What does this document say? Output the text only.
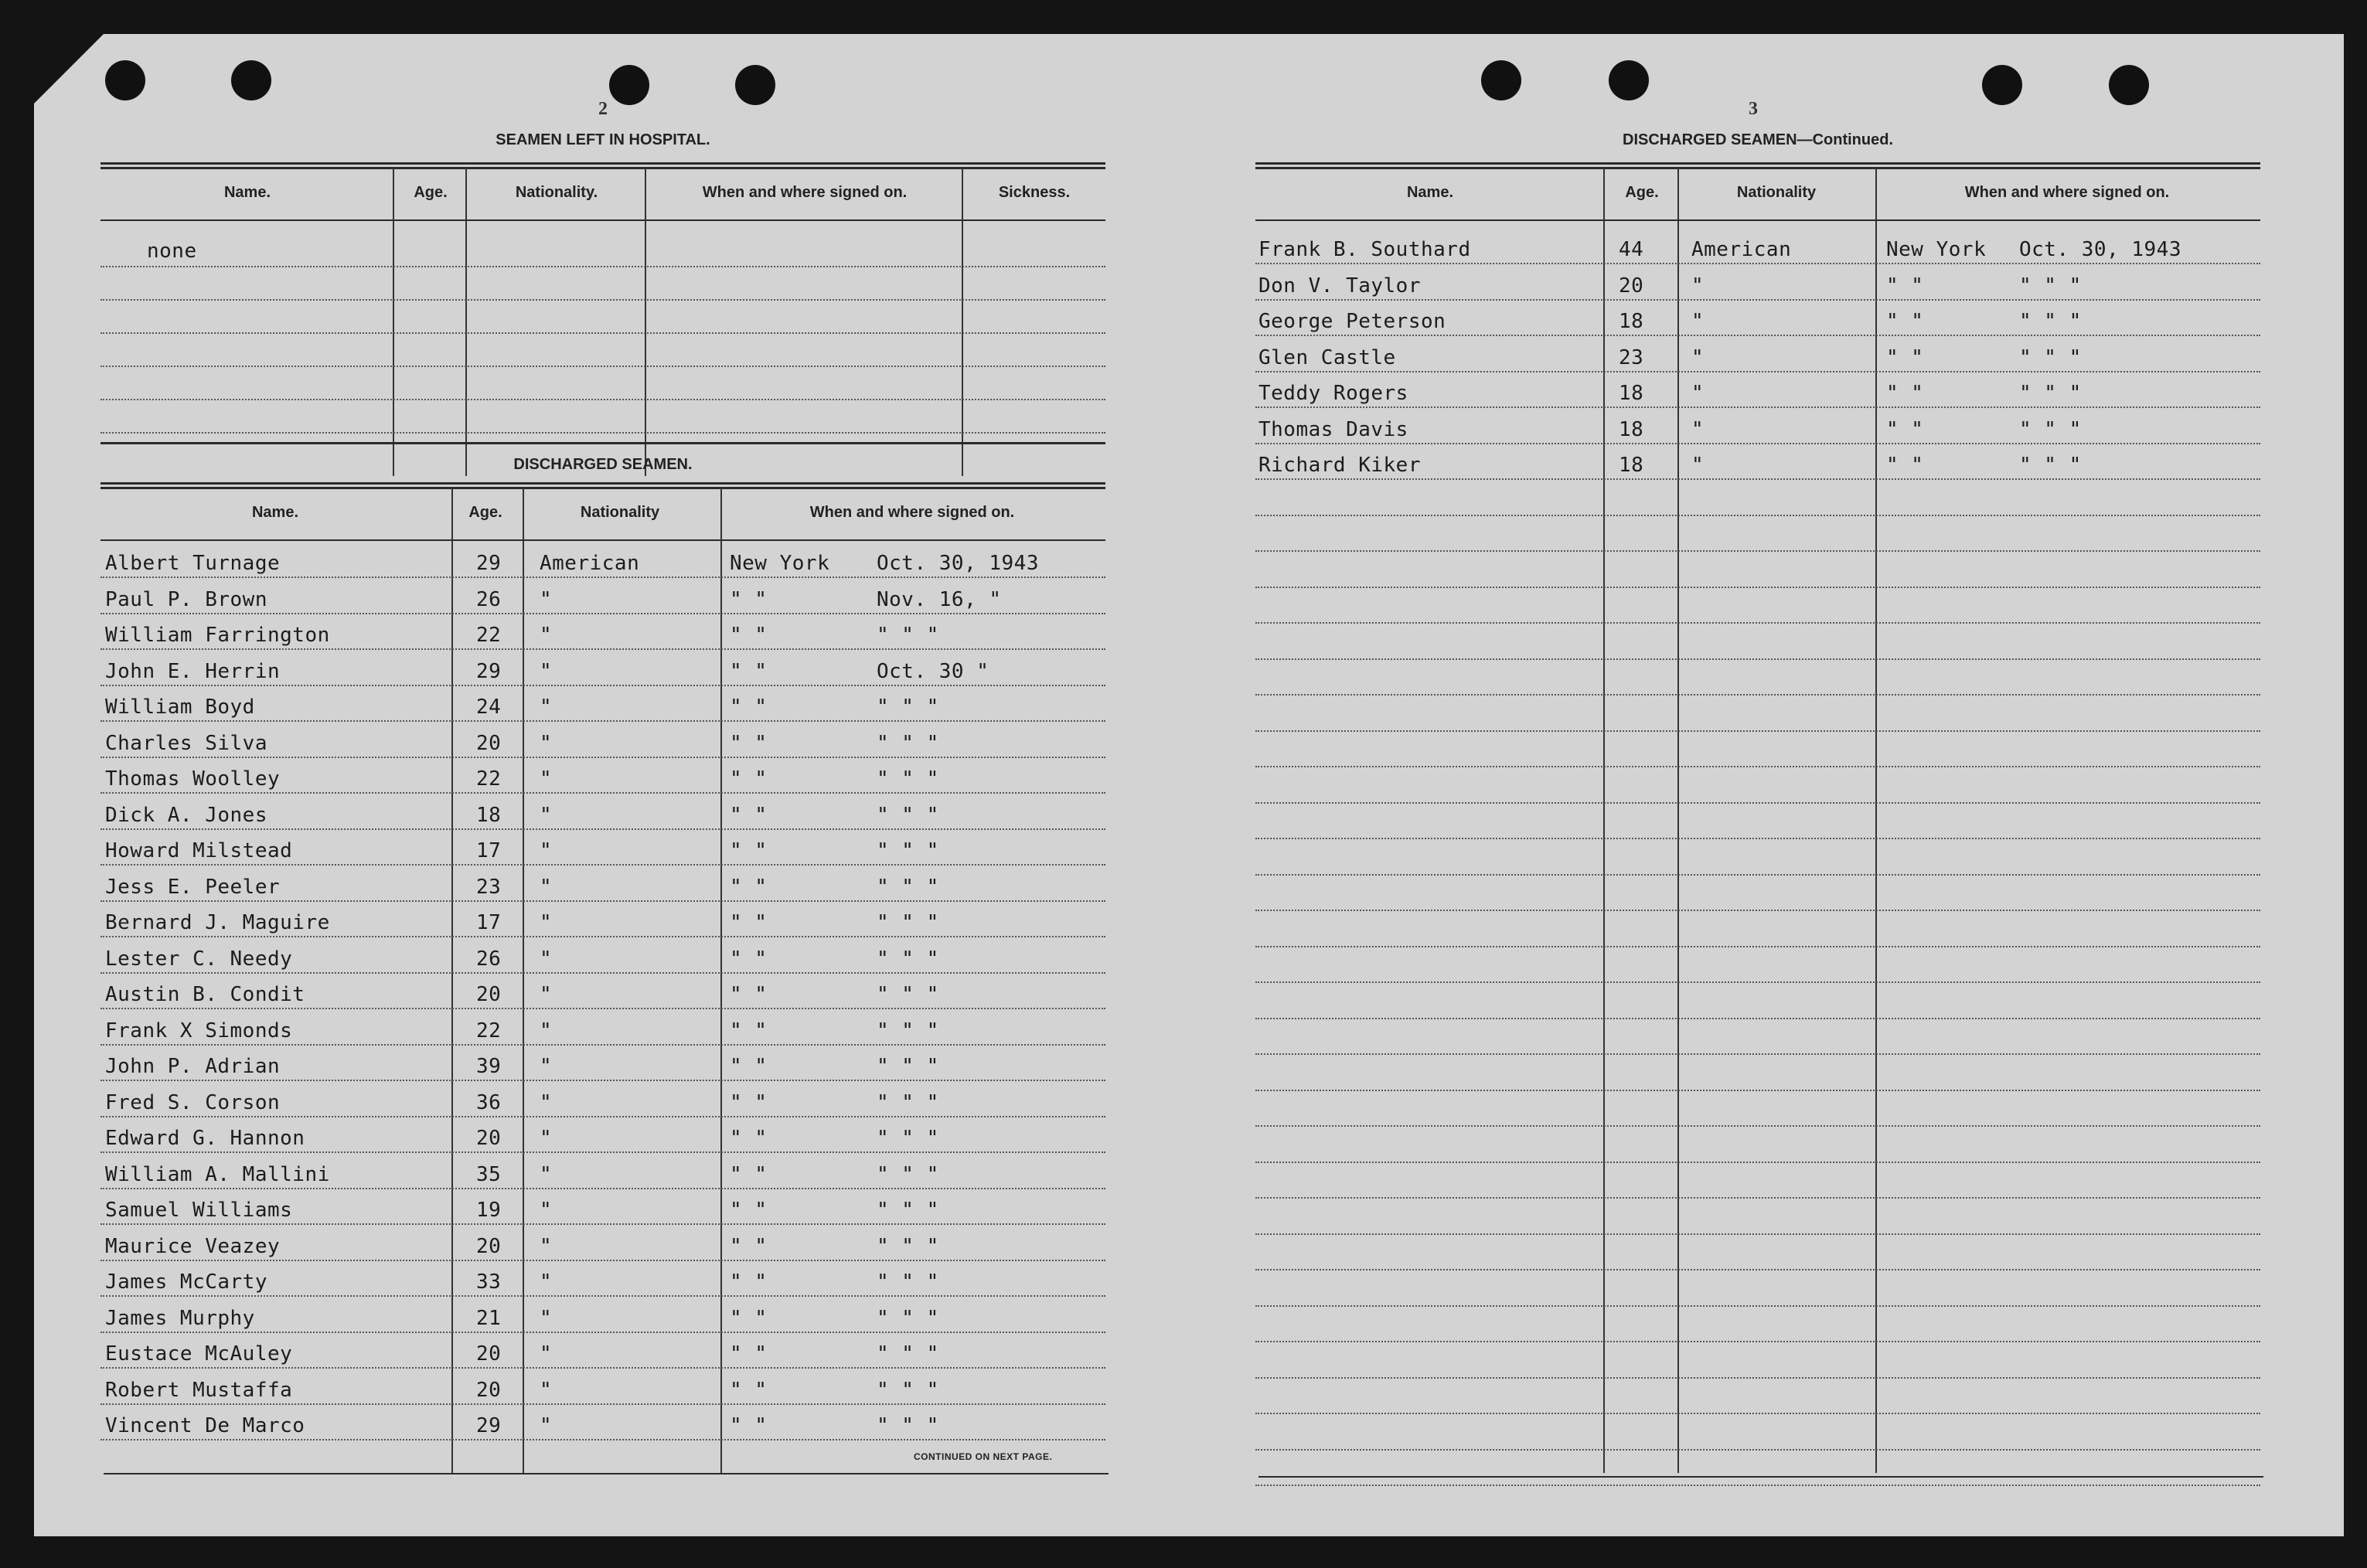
2
SEAMEN LEFT IN HOSPITAL.
Name.	Age.	Nationality.	When and where signed on.	Sickness.
none
DISCHARGED SEAMEN.
Name.	Age.	Nationality	When and where signed on.
CONTINUED ON NEXT PAGE.
3
DISCHARGED SEAMEN—Continued.
Name.	Age.	Nationality	When and where signed on.
Albert Turnage	29 American	New York Oct. 30, 1943
Paul P. Brown	26 "	" "	Nov. 16, "
William Farrington	22 "	" "	" " "
John E. Herrin	29 "	" "	Oct. 30 "
William Boyd	24 "	" "	" " "
Charles Silva	20 "	" "	" " "
Thomas Woolley	22 "	" "	" " "
Dick A. Jones	18 "	" "	" " "
Howard Milstead	17 "	" "	" " "
Jess E. Peeler	23 "	" "	" " "
Bernard J. Maguire	17 "	" "	" " "
Lester C. Needy	26 "	" "	" " "
Austin B. Condit	20 "	" "	" " "
Frank X Simonds	22 "	" "	" " "
John P. Adrian	39 "	" "	" " "
Fred S. Corson	36 "	" "	" " "
Edward G. Hannon	20 "	" "	" " "
William A. Mallini	35 "	" "	" " "
Samuel Williams	19 "	" "	" " "
Maurice Veazey	20 "	" "	" " "
James McCarty	33 "	" "	" " "
James Murphy	21 "	" "	" " "
Eustace McAuley	20 "	" "	" " "
Robert Mustaffa	20 "	" "	" " "
Vincent De Marco	29 "	" "	" " "
Frank B. Southard	44 American	New York Oct. 30, 1943
Don V. Taylor	20 "	" "	" " "
George Peterson	18 "	" "	" " "
Glen Castle	23 "	" "	" " "
Teddy Rogers	18 "	" "	" " "
Thomas Davis	18 "	" "	" " "
Richard Kiker	18 "	" "	" " "
